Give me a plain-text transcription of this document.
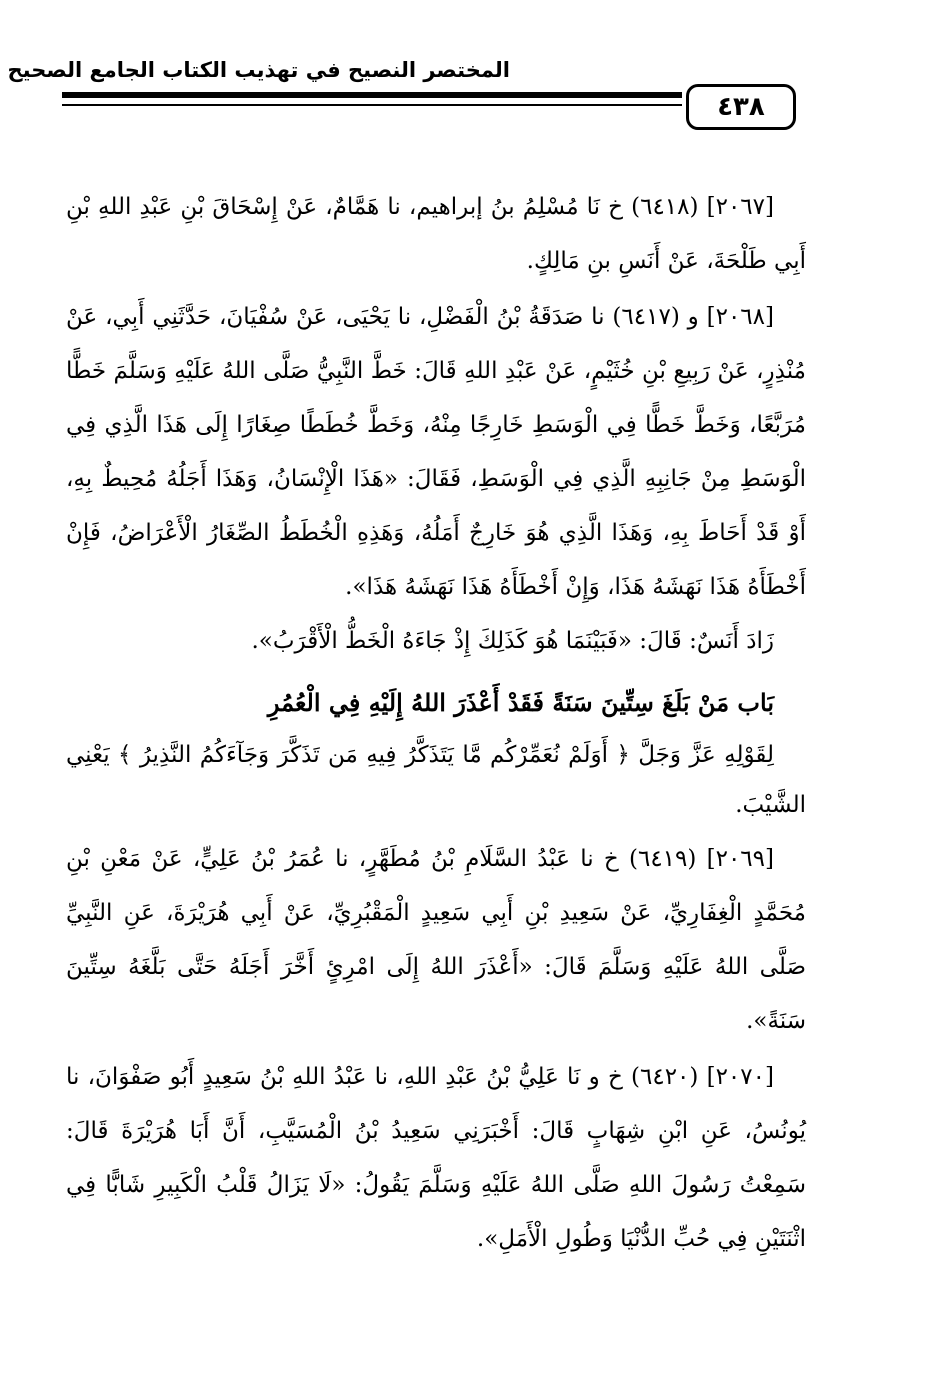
المختصر النصيح في تهذيب الكتاب الجامع الصحيح
٤٣٨

[٢٠٦٧] (٦٤١٨) خ نَا مُسْلِمُ بنُ إبراهيم، نا هَمَّامٌ، عَنْ إِسْحَاقَ بْنِ عَبْدِ اللهِ بْنِ أَبِي طَلْحَةَ، عَنْ أَنَسِ بنِ مَالِكٍ.

[٢٠٦٨] و (٦٤١٧) نا صَدَقَةُ بْنُ الْفَضْلِ، نا يَحْيَى، عَنْ سُفْيَانَ، حَدَّثَنِي أَبِي، عَنْ مُنْذِرٍ، عَنْ رَبِيعِ بْنِ خُثَيْمٍ، عَنْ عَبْدِ اللهِ قَالَ: خَطَّ النَّبِيُّ صَلَّى اللهُ عَلَيْهِ وَسَلَّمَ خَطًّا مُرَبَّعًا، وَخَطَّ خَطًّا فِي الْوَسَطِ خَارِجًا مِنْهُ، وَخَطَّ خُطَطًا صِغَارًا إِلَى هَذَا الَّذِي فِي الْوَسَطِ مِنْ جَانِبِهِ الَّذِي فِي الْوَسَطِ، فَقَالَ: «هَذَا الْإِنْسَانُ، وَهَذَا أَجَلُهُ مُحِيطٌ بِهِ، أَوْ قَدْ أَحَاطَ بِهِ، وَهَذَا الَّذِي هُوَ خَارِجٌ أَمَلُهُ، وَهَذِهِ الْخُطَطُ الصِّغَارُ الْأَعْرَاضُ، فَإِنْ أَخْطَأَهُ هَذَا نَهَشَهُ هَذَا، وَإِنْ أَخْطَأَهُ هَذَا نَهَشَهُ هَذَا».

زَادَ أَنَسٌ: قَالَ: «فَبَيْنَمَا هُوَ كَذَلِكَ إِذْ جَاءَهُ الْخَطُّ الْأَقْرَبُ».

بَاب مَنْ بَلَغَ سِتِّينَ سَنَةً فَقَدْ أَعْذَرَ اللهُ إِلَيْهِ فِي الْعُمُرِ

لِقَوْلِهِ عَزَّ وَجَلَّ ﴿ أَوَلَمْ نُعَمِّرْكُم مَّا يَتَذَكَّرُ فِيهِ مَن تَذَكَّرَ وَجَآءَكُمُ النَّذِيرُ ﴾ يَعْنِي الشَّيْبَ.

[٢٠٦٩] (٦٤١٩) خ نا عَبْدُ السَّلَامِ بْنُ مُطَهَّرٍ، نا عُمَرُ بْنُ عَلِيٍّ، عَنْ مَعْنِ بْنِ مُحَمَّدٍ الْغِفَارِيِّ، عَنْ سَعِيدِ بْنِ أَبِي سَعِيدٍ الْمَقْبُرِيِّ، عَنْ أَبِي هُرَيْرَةَ، عَنِ النَّبِيِّ صَلَّى اللهُ عَلَيْهِ وَسَلَّمَ قَالَ: «أَعْذَرَ اللهُ إِلَى امْرِئٍ أَخَّرَ أَجَلَهُ حَتَّى بَلَّغَهُ سِتِّينَ سَنَةً».

[٢٠٧٠] (٦٤٢٠) خ و نَا عَلِيُّ بْنُ عَبْدِ اللهِ، نا عَبْدُ اللهِ بْنُ سَعِيدٍ أَبُو صَفْوَانَ، نا يُونُسُ، عَنِ ابْنِ شِهَابٍ قَالَ: أَخْبَرَنِي سَعِيدُ بْنُ الْمُسَيَّبِ، أَنَّ أَبَا هُرَيْرَةَ قَالَ: سَمِعْتُ رَسُولَ اللهِ صَلَّى اللهُ عَلَيْهِ وَسَلَّمَ يَقُولُ: «لَا يَزَالُ قَلْبُ الْكَبِيرِ شَابًّا فِي اثْنَتَيْنِ فِي حُبِّ الدُّنْيَا وَطُولِ الْأَمَلِ».
